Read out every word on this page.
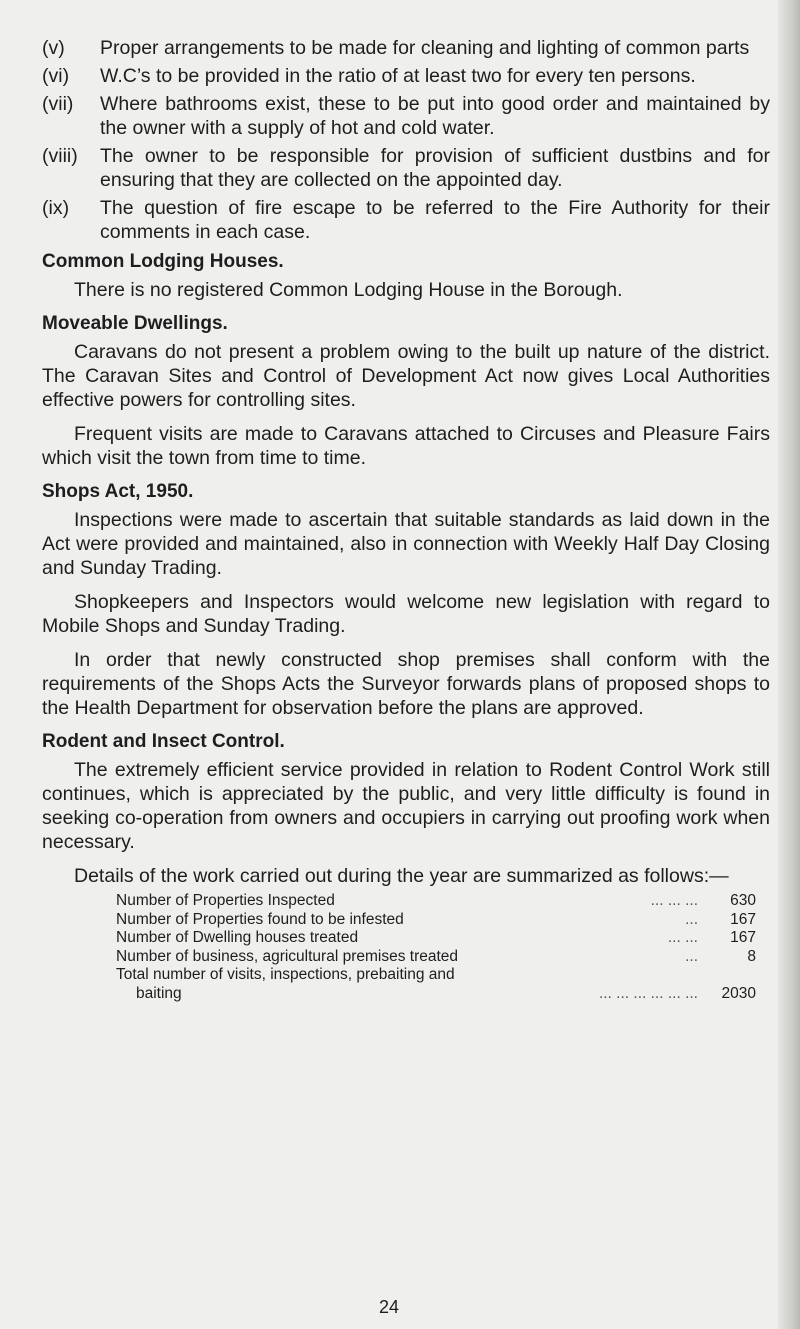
(v)	Proper arrangements to be made for cleaning and lighting of common parts
(vi)	W.C’s to be provided in the ratio of at least two for every ten persons.
(vii)	Where bathrooms exist, these to be put into good order and maintained by the owner with a supply of hot and cold water.
(viii)	The owner to be responsible for provision of sufficient dustbins and for ensuring that they are collected on the appointed day.
(ix)	The question of fire escape to be referred to the Fire Authority for their comments in each case.
Common Lodging Houses.

There is no registered Common Lodging House in the Borough.

Moveable Dwellings.

Caravans do not present a problem owing to the built up nature of the district. The Caravan Sites and Control of Development Act now gives Local Authorities effective powers for controlling sites.

Frequent visits are made to Caravans attached to Circuses and Pleasure Fairs which visit the town from time to time.

Shops Act, 1950.

Inspections were made to ascertain that suitable standards as laid down in the Act were provided and maintained, also in connection with Weekly Half Day Closing and Sunday Trading.

Shopkeepers and Inspectors would welcome new legislation with regard to Mobile Shops and Sunday Trading.

In order that newly constructed shop premises shall conform with the requirements of the Shops Acts the Surveyor forwards plans of proposed shops to the Health Department for observation before the plans are approved.

Rodent and Insect Control.

The extremely efficient service provided in relation to Rodent Control Work still continues, which is appreciated by the public, and very little difficulty is found in seeking co-operation from owners and occupiers in carrying out proofing work when necessary.

Details of the work carried out during the year are summarized as follows:—

Number of Properties Inspected	... ... ...	630
Number of Properties found to be infested	...	167
Number of Dwelling houses treated	... ...	167
Number of business, agricultural premises treated	...	8
Total number of visits, inspections, prebaiting and
baiting	... ... ... ... ... ...	2030
24
